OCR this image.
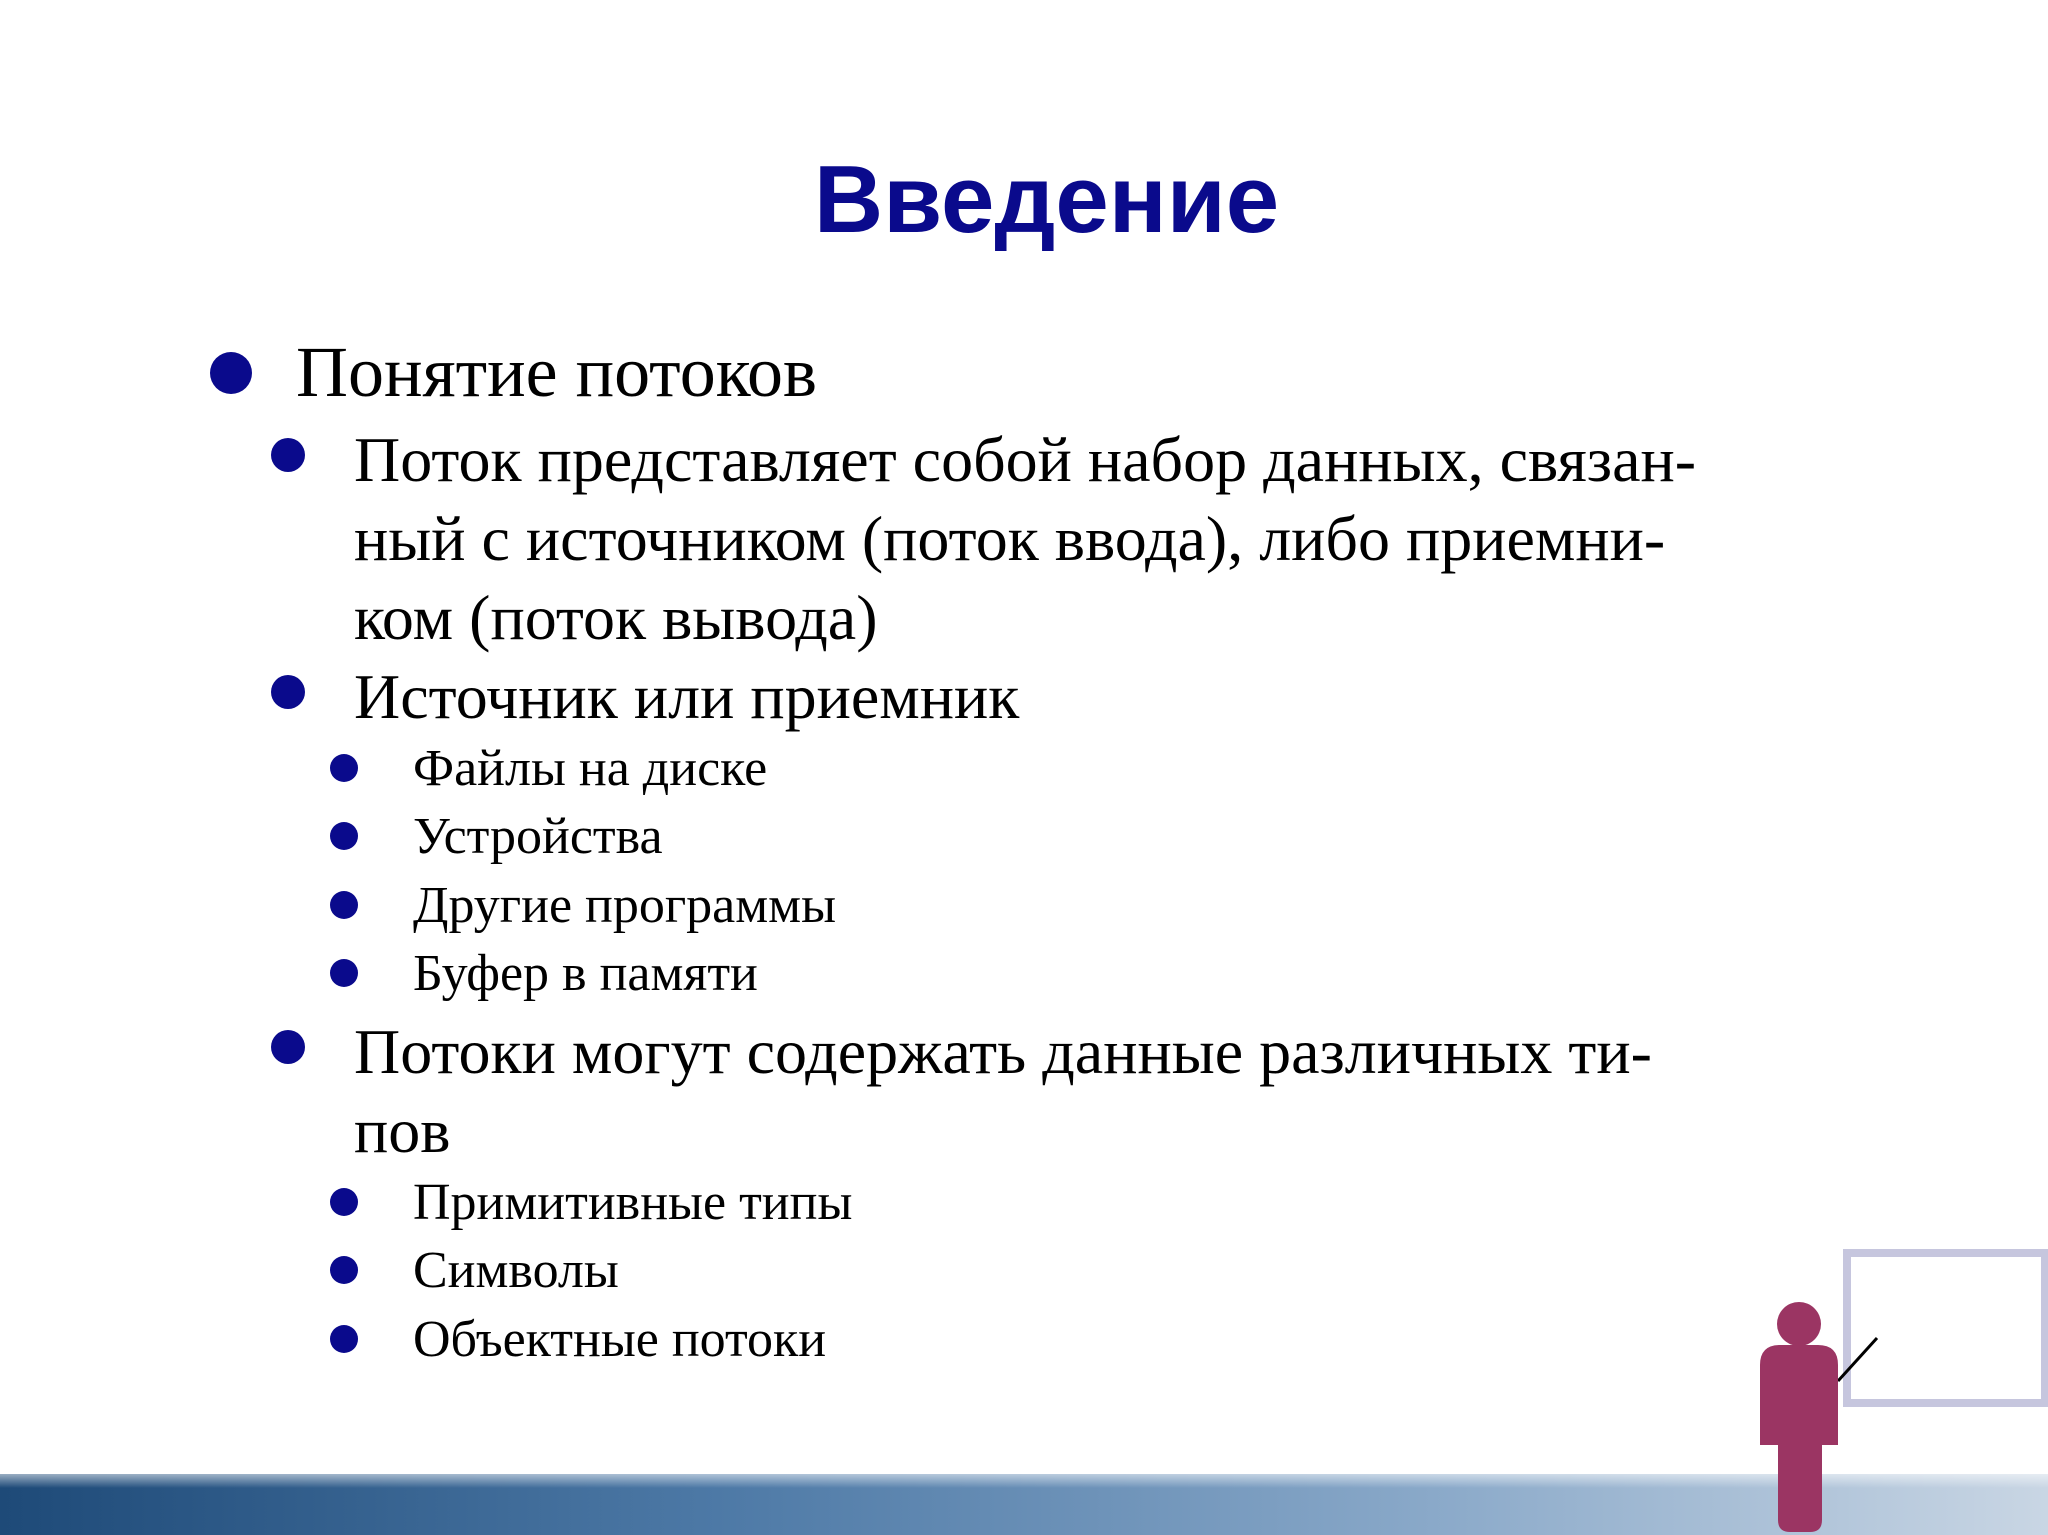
Введение
Понятие потоков
Поток представляет собой набор данных, связан-
ный с источником (поток ввода), либо приемни-
ком (поток вывода)
Источник или приемник
Файлы на диске
Устройства
Другие программы
Буфер в памяти
Потоки могут содержать данные различных ти-
пов
Примитивные типы
Символы
Объектные потоки
